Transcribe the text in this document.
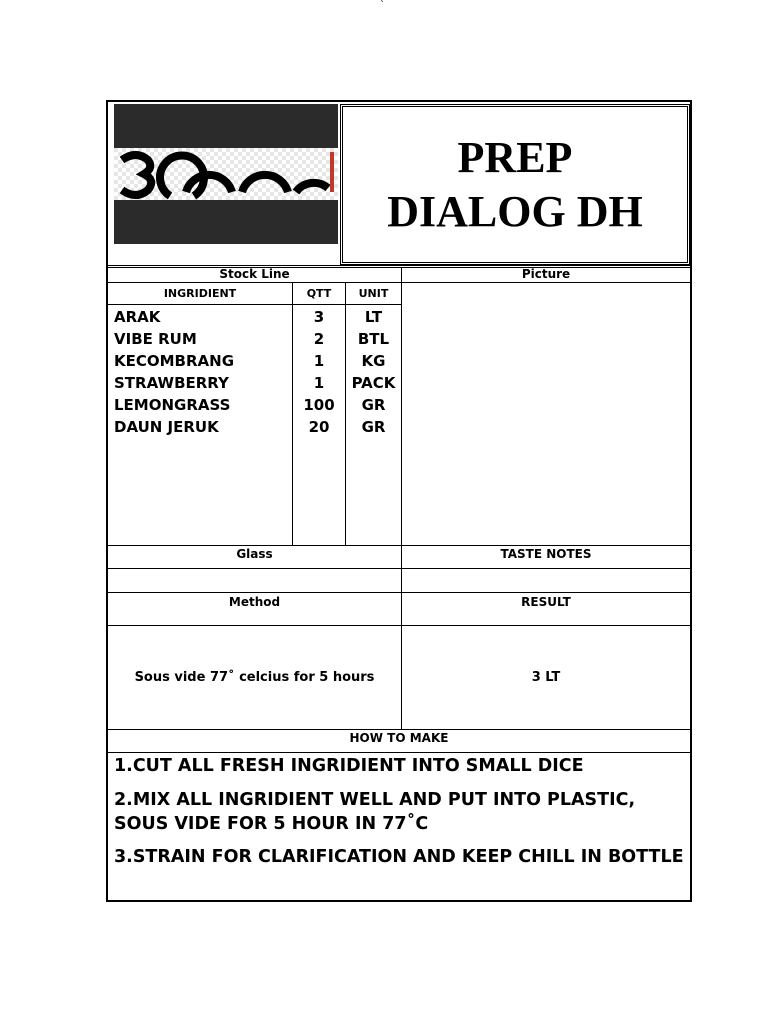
`
PREP
DIALOG DH
Stock Line	Picture
INGRIDIENT	QTT	UNIT
ARAK	3	LT
VIBE RUM	2	BTL
KECOMBRANG	1	KG
STRAWBERRY	1	PACK
LEMONGRASS	100	GR
DAUN JERUK	20	GR
Glass	TASTE NOTES
Method	RESULT
Sous vide 77˚ celcius for 5 hours	3 LT
HOW TO MAKE
1.CUT ALL FRESH INGRIDIENT INTO SMALL DICE
2.MIX ALL INGRIDIENT WELL AND PUT INTO PLASTIC, SOUS VIDE FOR 5 HOUR IN 77˚C
3.STRAIN FOR CLARIFICATION AND KEEP CHILL IN BOTTLE
